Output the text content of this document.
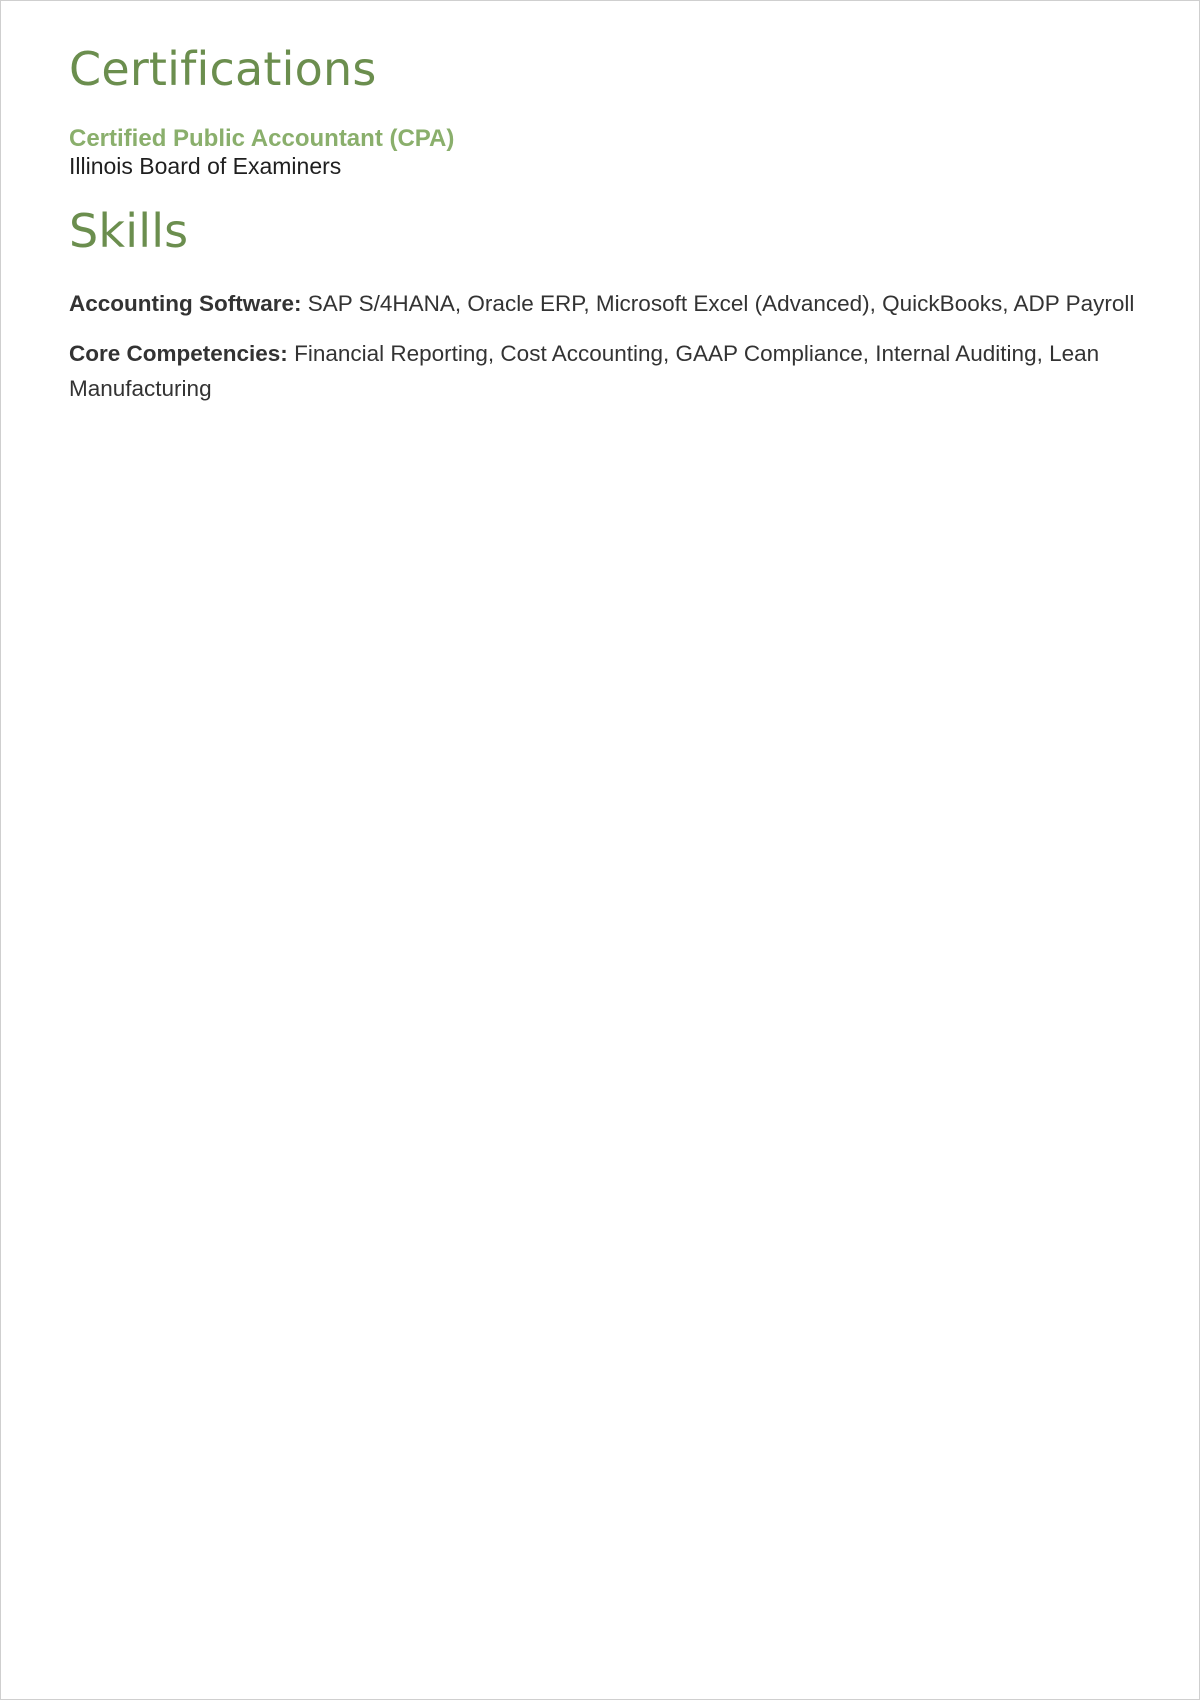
Certifications
Certified Public Accountant (CPA)
Illinois Board of Examiners
Skills

Accounting Software: SAP S/4HANA, Oracle ERP, Microsoft Excel (Advanced), QuickBooks, ADP Payroll

Core Competencies: Financial Reporting, Cost Accounting, GAAP Compliance, Internal Auditing, Lean Manufacturing
